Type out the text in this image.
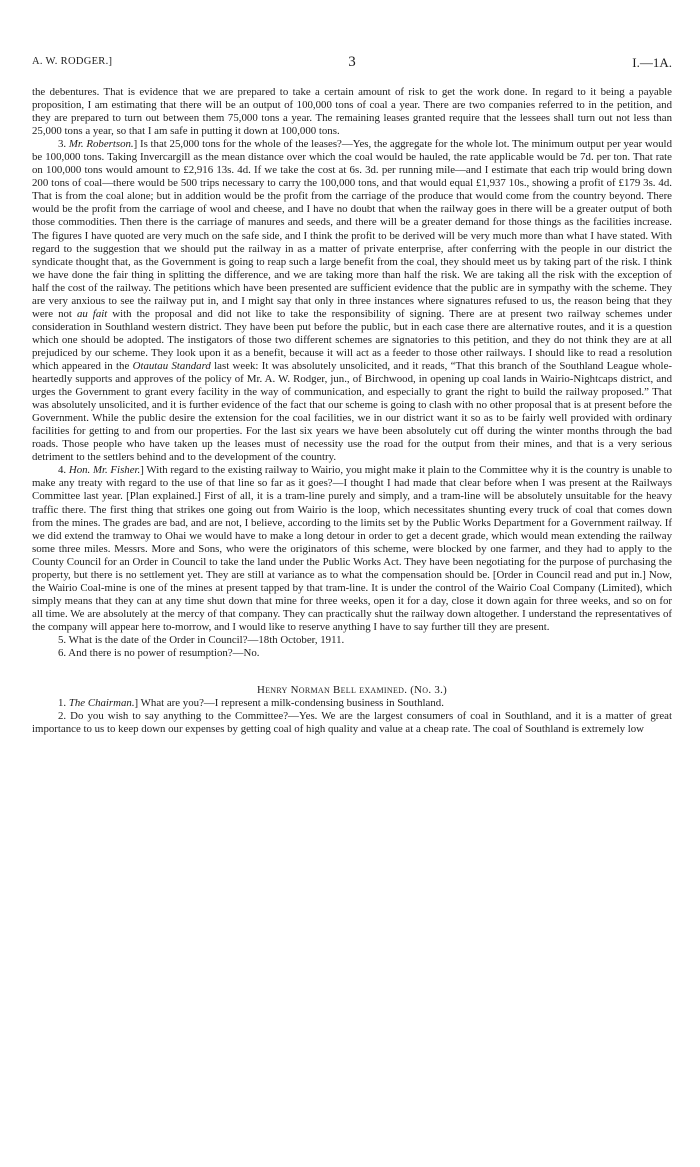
A. W. RODGER.]	3	I.—1A.

the debentures. That is evidence that we are prepared to take a certain amount of risk to get the work done. In regard to it being a payable proposition, I am estimating that there will be an output of 100,000 tons of coal a year. There are two companies referred to in the petition, and they are prepared to turn out between them 75,000 tons a year. The remaining leases granted require that the lessees shall turn out not less than 25,000 tons a year, so that I am safe in putting it down at 100,000 tons.

3. Mr. Robertson.] Is that 25,000 tons for the whole of the leases?—Yes, the aggregate for the whole lot. The minimum output per year would be 100,000 tons. Taking Invercargill as the mean distance over which the coal would be hauled, the rate applicable would be 7d. per ton. That rate on 100,000 tons would amount to £2,916 13s. 4d. If we take the cost at 6s. 3d. per running mile—and I estimate that each trip would bring down 200 tons of coal—there would be 500 trips necessary to carry the 100,000 tons, and that would equal £1,937 10s., showing a profit of £179 3s. 4d. That is from the coal alone; but in addition would be the profit from the carriage of the produce that would come from the country beyond. There would be the profit from the carriage of wool and cheese, and I have no doubt that when the railway goes in there will be a greater output of both those commodities. Then there is the carriage of manures and seeds, and there will be a greater demand for those things as the facilities increase. The figures I have quoted are very much on the safe side, and I think the profit to be derived will be very much more than what I have stated. With regard to the suggestion that we should put the railway in as a matter of private enterprise, after conferring with the people in our district the syndicate thought that, as the Government is going to reap such a large benefit from the coal, they should meet us by taking part of the risk. I think we have done the fair thing in splitting the difference, and we are taking more than half the risk. We are taking all the risk with the exception of half the cost of the railway. The petitions which have been presented are sufficient evidence that the public are in sympathy with the scheme. They are very anxious to see the railway put in, and I might say that only in three instances where signatures refused to us, the reason being that they were not au fait with the proposal and did not like to take the responsibility of signing. There are at present two railway schemes under consideration in Southland western district. They have been put before the public, but in each case there are alternative routes, and it is a question which one should be adopted. The instigators of those two different schemes are signatories to this petition, and they do not think they are at all prejudiced by our scheme. They look upon it as a benefit, because it will act as a feeder to those other railways. I should like to read a resolution which appeared in the Otautau Standard last week: It was absolutely unsolicited, and it reads, “That this branch of the Southland League whole-heartedly supports and approves of the policy of Mr. A. W. Rodger, jun., of Birchwood, in opening up coal lands in Wairio-Nightcaps district, and urges the Government to grant every facility in the way of communication, and especially to grant the right to build the railway proposed.” That was absolutely unsolicited, and it is further evidence of the fact that our scheme is going to clash with no other proposal that is at present before the Government. While the public desire the extension for the coal facilities, we in our district want it so as to be fairly well provided with ordinary facilities for getting to and from our properties. For the last six years we have been absolutely cut off during the winter months through the bad roads. Those people who have taken up the leases must of necessity use the road for the output from their mines, and that is a very serious detriment to the settlers behind and to the development of the country.

4. Hon. Mr. Fisher.] With regard to the existing railway to Wairio, you might make it plain to the Committee why it is the country is unable to make any treaty with regard to the use of that line so far as it goes?—I thought I had made that clear before when I was present at the Railways Committee last year. [Plan explained.] First of all, it is a tram-line purely and simply, and a tram-line will be absolutely unsuitable for the heavy traffic there. The first thing that strikes one going out from Wairio is the loop, which necessitates shunting every truck of coal that comes down from the mines. The grades are bad, and are not, I believe, according to the limits set by the Public Works Department for a Government railway. If we did extend the tramway to Ohai we would have to make a long detour in order to get a decent grade, which would mean extending the railway some three miles. Messrs. More and Sons, who were the originators of this scheme, were blocked by one farmer, and they had to apply to the County Council for an Order in Council to take the land under the Public Works Act. They have been negotiating for the purpose of purchasing the property, but there is no settlement yet. They are still at variance as to what the compensation should be. [Order in Council read and put in.] Now, the Wairio Coal-mine is one of the mines at present tapped by that tram-line. It is under the control of the Wairio Coal Company (Limited), which simply means that they can at any time shut down that mine for three weeks, open it for a day, close it down again for three weeks, and so on for all time. We are absolutely at the mercy of that company. They can practically shut the railway down altogether. I understand the representatives of the company will appear here to-morrow, and I would like to reserve anything I have to say further till they are present.

5. What is the date of the Order in Council?—18th October, 1911.

6. And there is no power of resumption?—No.

Henry Norman Bell examined. (No. 3.)

1. The Chairman.] What are you?—I represent a milk-condensing business in Southland.

2. Do you wish to say anything to the Committee?—Yes. We are the largest consumers of coal in Southland, and it is a matter of great importance to us to keep down our expenses by getting coal of high quality and value at a cheap rate. The coal of Southland is extremely low
